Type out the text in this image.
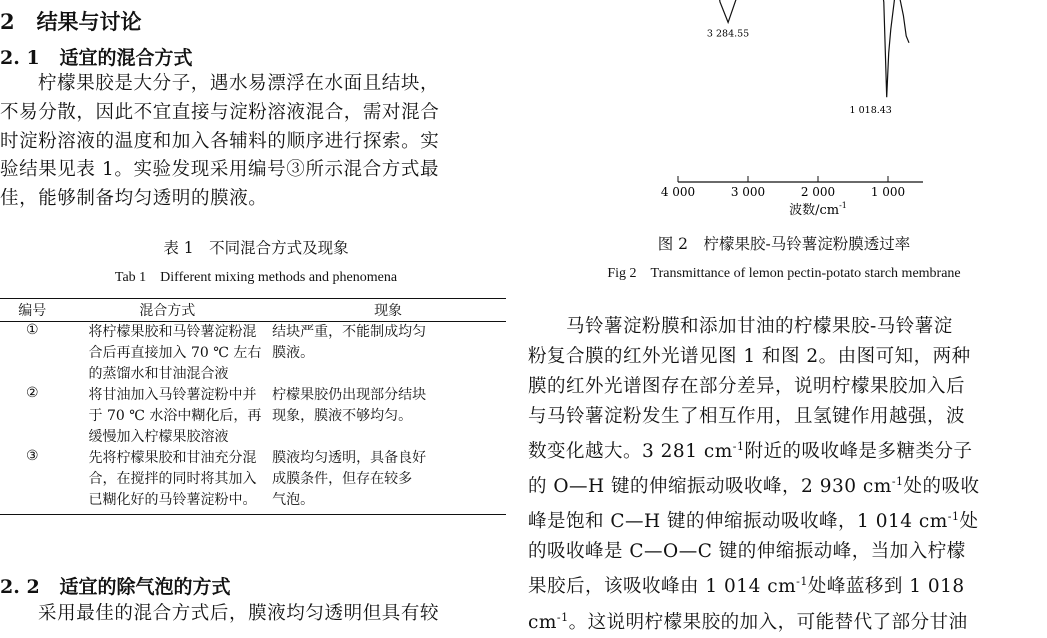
2 结果与讨论
2. 1 适宜的混合方式
柠檬果胶是大分子，遇水易漂浮在水面且结块，
不易分散，因此不宜直接与淀粉溶液混合，需对混合
时淀粉溶液的温度和加入各辅料的顺序进行探索。实
验结果见表 1。实验发现采用编号③所示混合方式最
佳，能够制备均匀透明的膜液。
表 1　不同混合方式及现象
Tab 1　Different mixing methods and phenomena
编号	混合方式	现象
①	将柠檬果胶和马铃薯淀粉混
合后再直接加入 70 ℃ 左右
的蒸馏水和甘油混合液	结块严重，不能制成均匀
膜液。

②	将甘油加入马铃薯淀粉中并
于 70 ℃ 水浴中糊化后，再
缓慢加入柠檬果胶溶液	柠檬果胶仍出现部分结块
现象，膜液不够均匀。

③	先将柠檬果胶和甘油充分混
合，在搅拌的同时将其加入
已糊化好的马铃薯淀粉中。	膜液均匀透明，具备良好
成膜条件，但存在较多
气泡。
2. 2 适宜的除气泡的方式
采用最佳的混合方式后，膜液均匀透明但具有较
4 000	3 000	2 000	1 000
3 284.55
1 018.43
波数$/cm^{-1}$
图 2　柠檬果胶-马铃薯淀粉膜透过率
Fig 2　Transmittance of lemon pectin-potato starch membrane
马铃薯淀粉膜和添加甘油的柠檬果胶-马铃薯淀
粉复合膜的红外光谱见图 1 和图 2。由图可知，两种
膜的红外光谱图存在部分差异，说明柠檬果胶加入后
与马铃薯淀粉发生了相互作用，且氢键作用越强，波
数变化越大。3 281 $cm^{-1}$附近的吸收峰是多糖类分子
的 O—H 键的伸缩振动吸收峰，2 930 $cm^{-1}$处的吸收
峰是饱和 C—H 键的伸缩振动吸收峰，1 014 $cm^{-1}$处
的吸收峰是 C—O—C 键的伸缩振动峰，当加入柠檬
果胶后，该吸收峰由 1 014 $cm^{-1}$处峰蓝移到 1 018
$cm^{-1}$。这说明柠檬果胶的加入，可能替代了部分甘油
